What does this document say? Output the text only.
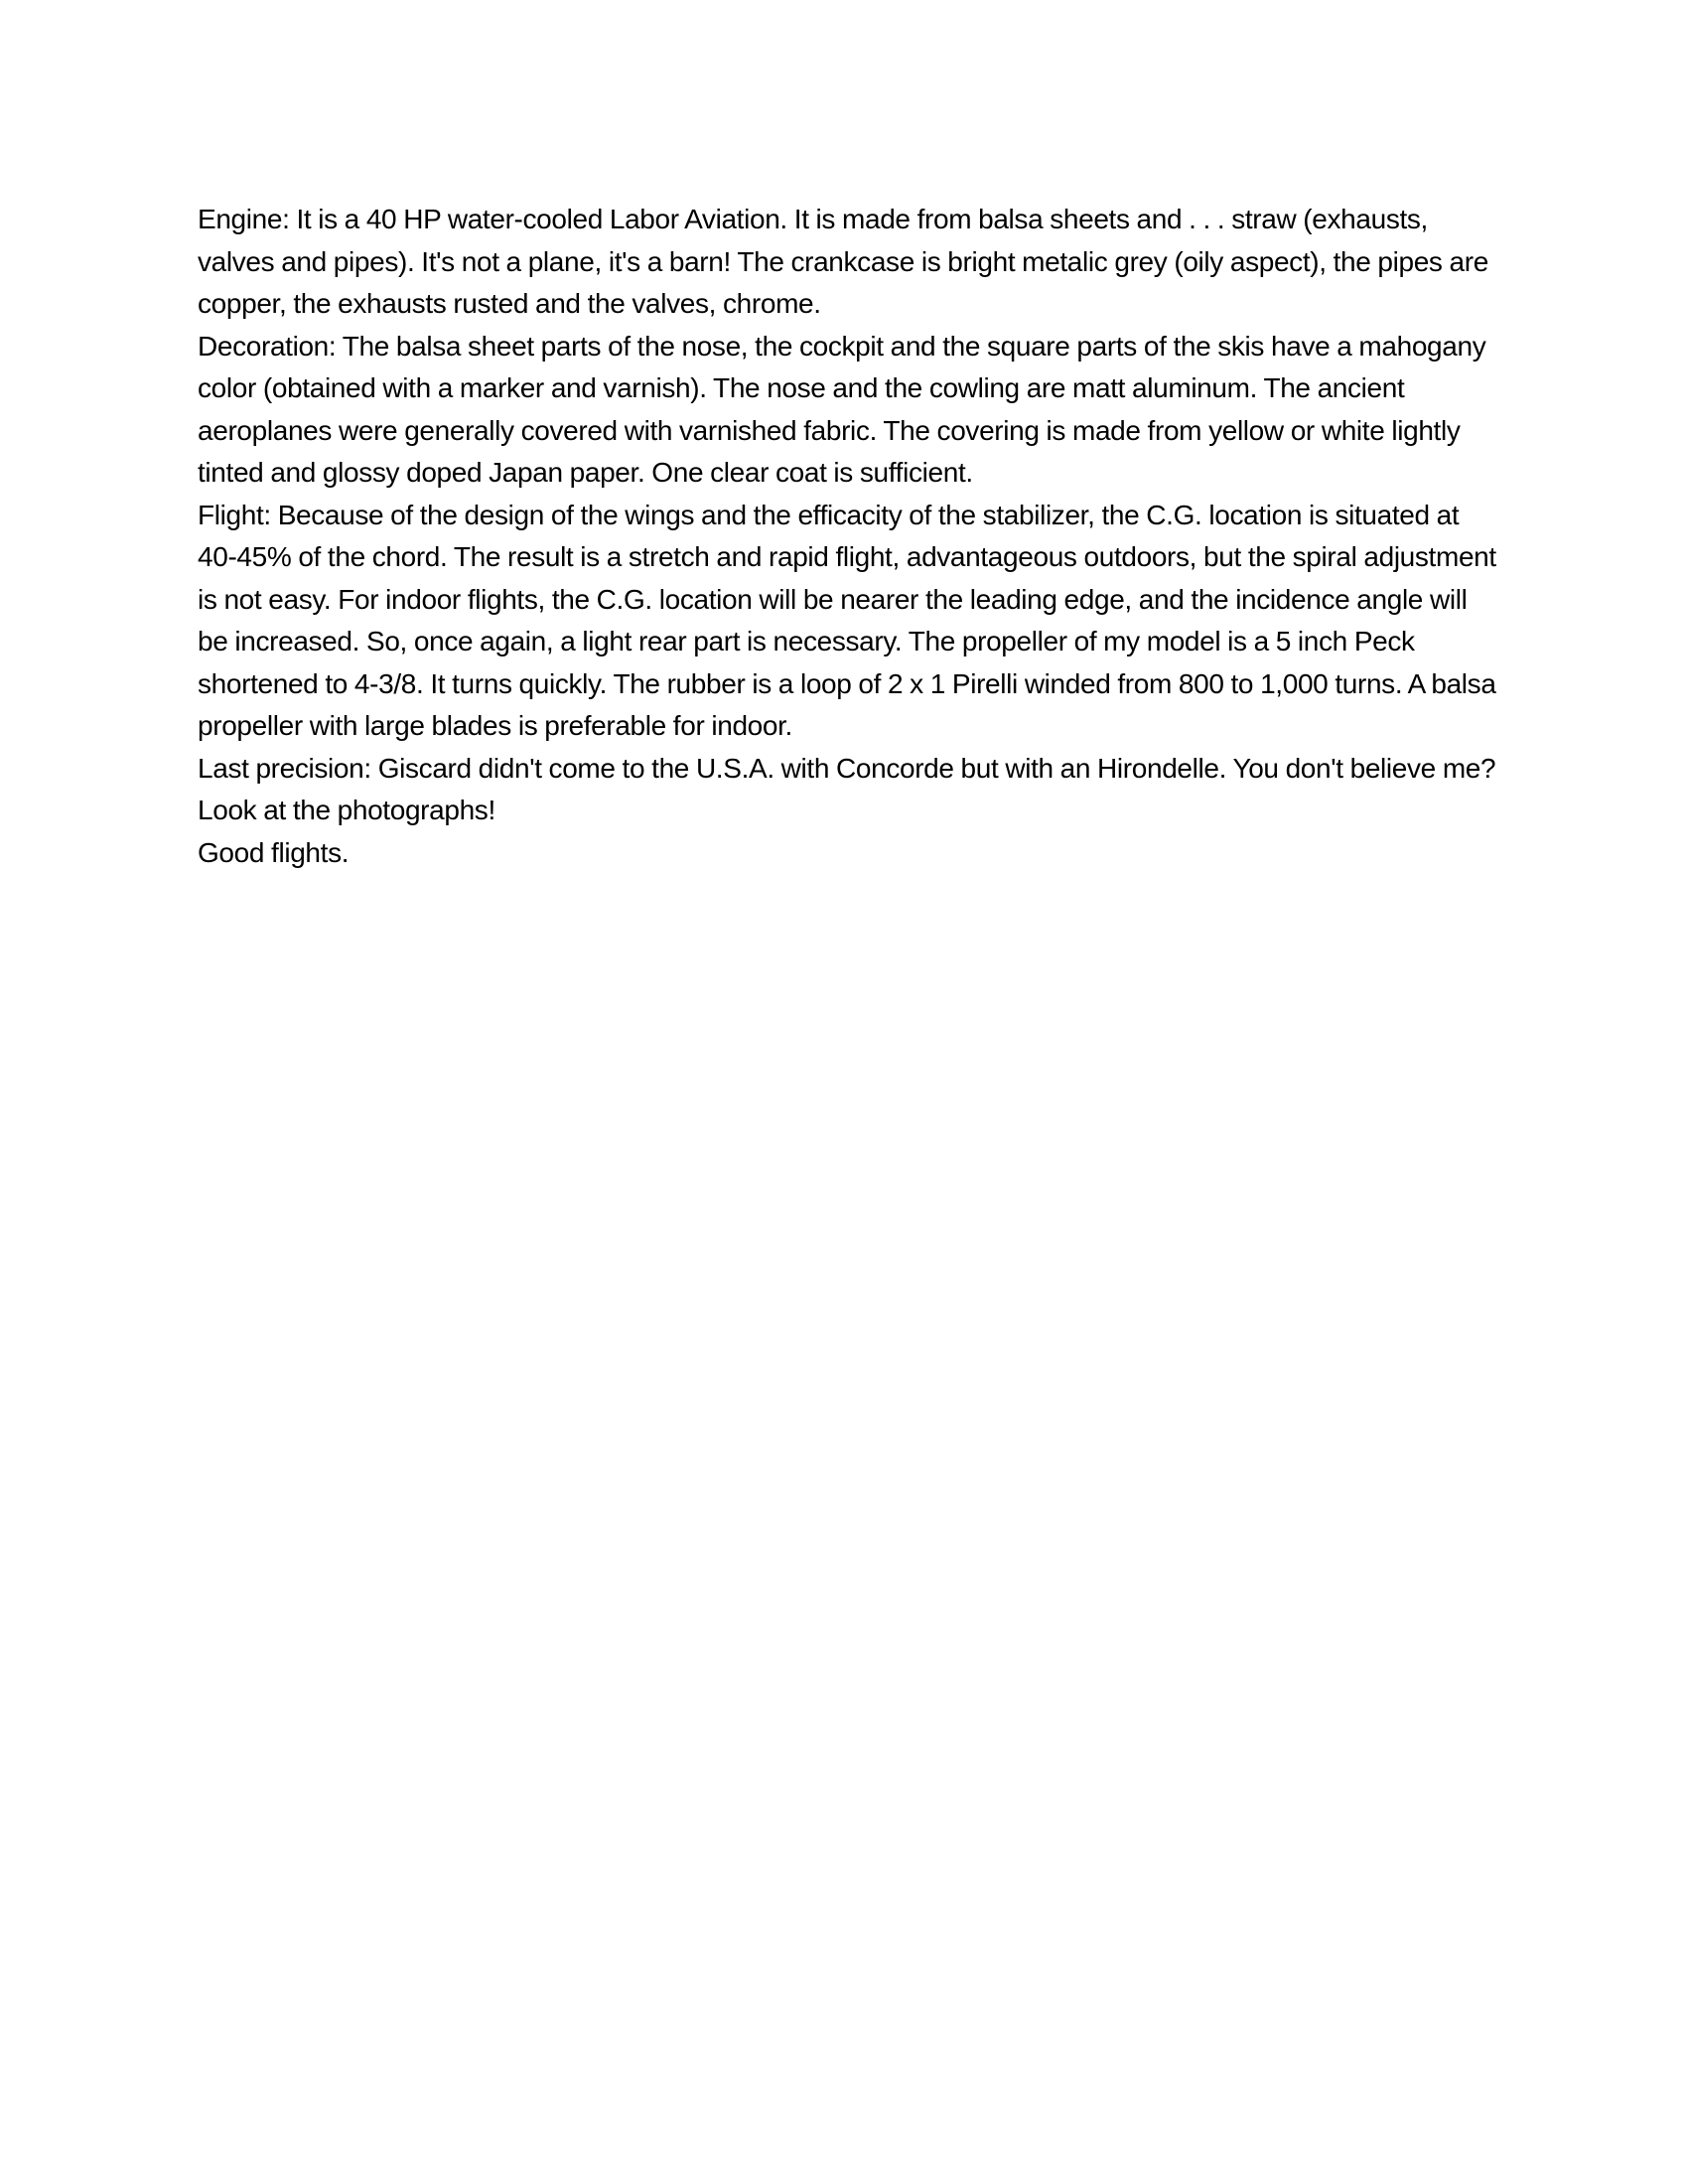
Engine: It is a 40 HP water-cooled Labor Aviation. It is made from balsa sheets and . . . straw (exhausts, valves and pipes). It's not a plane, it's a barn! The crankcase is bright metalic grey (oily aspect), the pipes are copper, the exhausts rusted and the valves, chrome.

Decoration: The balsa sheet parts of the nose, the cockpit and the square parts of the skis have a mahogany color (obtained with a marker and varnish). The nose and the cowling are matt aluminum. The ancient aeroplanes were generally covered with varnished fabric. The covering is made from yellow or white lightly tinted and glossy doped Japan paper. One clear coat is sufficient.

Flight: Because of the design of the wings and the efficacity of the stabilizer, the C.G. location is situated at 40-45% of the chord. The result is a stretch and rapid flight, advantageous outdoors, but the spiral adjustment is not easy. For indoor flights, the C.G. location will be nearer the leading edge, and the incidence angle will be increased. So, once again, a light rear part is necessary. The propeller of my model is a 5 inch Peck shortened to 4-3/8. It turns quickly. The rubber is a loop of 2 x 1 Pirelli winded from 800 to 1,000 turns. A balsa propeller with large blades is preferable for indoor.

Last precision: Giscard didn't come to the U.S.A. with Concorde but with an Hirondelle. You don't believe me? Look at the photographs!

Good flights.
